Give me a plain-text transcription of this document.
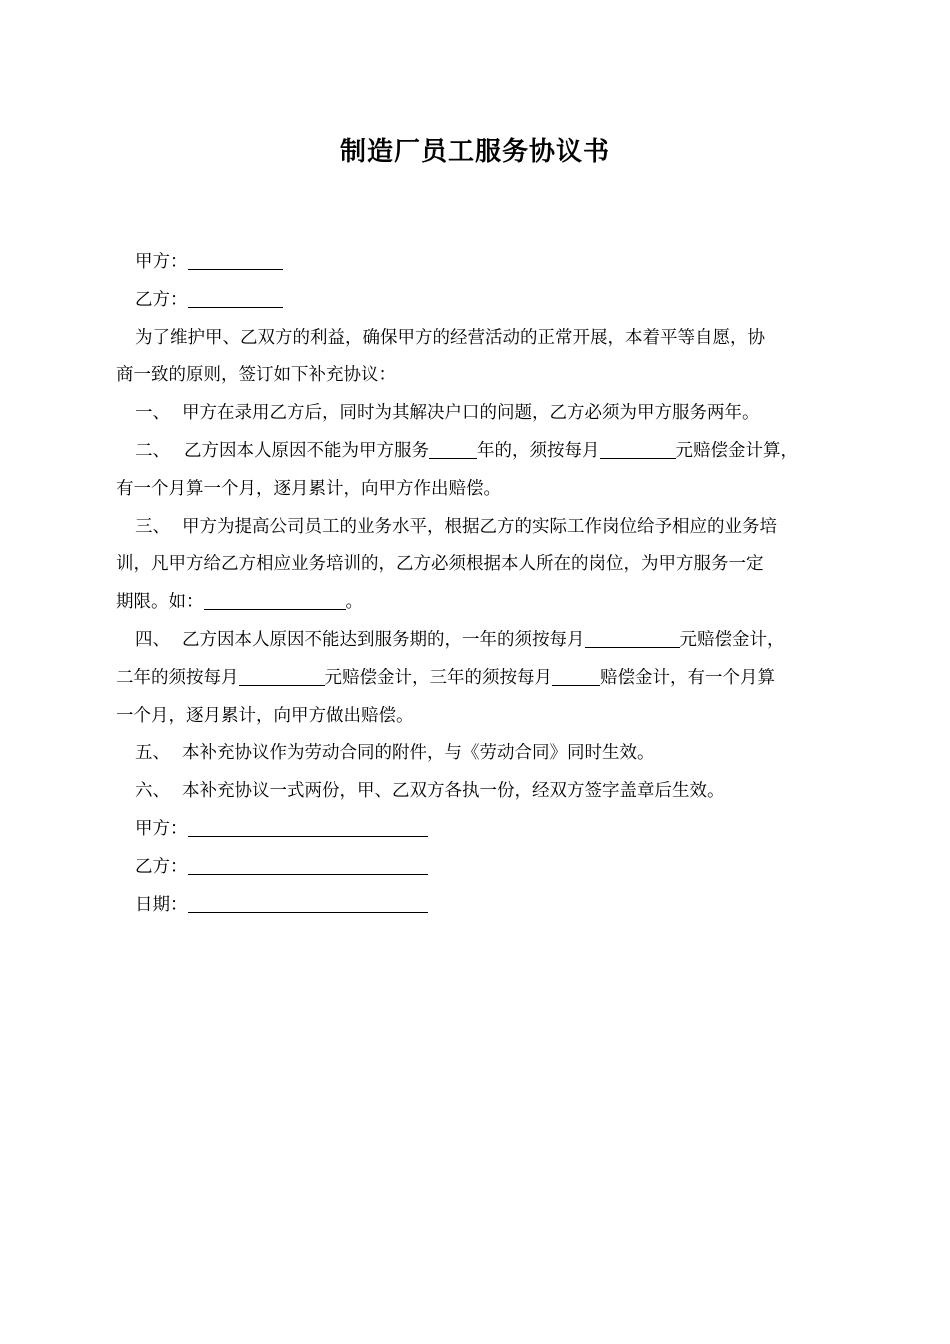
制造厂员工服务协议书
甲方：
乙方：
为了维护甲、乙双方的利益，确保甲方的经营活动的正常开展，本着平等自愿，协
商一致的原则，签订如下补充协议：
一、 甲方在录用乙方后，同时为其解决户口的问题，乙方必须为甲方服务两年。
二、 乙方因本人原因不能为甲方服务	年的，须按每月	元赔偿金计算，
有一个月算一个月，逐月累计，向甲方作出赔偿。
三、 甲方为提高公司员工的业务水平，根据乙方的实际工作岗位给予相应的业务培
训，凡甲方给乙方相应业务培训的，乙方必须根据本人所在的岗位，为甲方服务一定
期限。如：	。
四、 乙方因本人原因不能达到服务期的，一年的须按每月	元赔偿金计，
二年的须按每月	元赔偿金计，三年的须按每月	赔偿金计，有一个月算
一个月，逐月累计，向甲方做出赔偿。
五、 本补充协议作为劳动合同的附件，与《劳动合同》同时生效。
六、 本补充协议一式两份，甲、乙双方各执一份，经双方签字盖章后生效。
甲方：
乙方：
日期：
